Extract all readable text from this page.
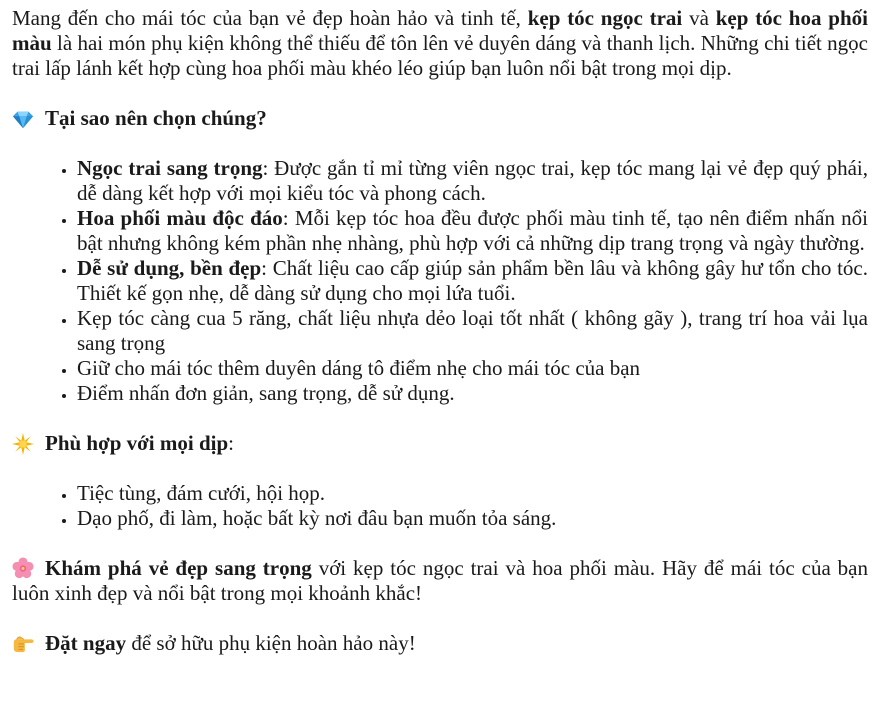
Mang đến cho mái tóc của bạn vẻ đẹp hoàn hảo và tinh tế, kẹp tóc ngọc trai và kẹp tóc hoa phối màu là hai món phụ kiện không thể thiếu để tôn lên vẻ duyên dáng và thanh lịch. Những chi tiết ngọc trai lấp lánh kết hợp cùng hoa phối màu khéo léo giúp bạn luôn nổi bật trong mọi dịp.

Tại sao nên chọn chúng?

• Ngọc trai sang trọng: Được gắn tỉ mỉ từng viên ngọc trai, kẹp tóc mang lại vẻ đẹp quý phái, dễ dàng kết hợp với mọi kiểu tóc và phong cách.
• Hoa phối màu độc đáo: Mỗi kẹp tóc hoa đều được phối màu tinh tế, tạo nên điểm nhấn nổi bật nhưng không kém phần nhẹ nhàng, phù hợp với cả những dịp trang trọng và ngày thường.
• Dễ sử dụng, bền đẹp: Chất liệu cao cấp giúp sản phẩm bền lâu và không gây hư tổn cho tóc. Thiết kế gọn nhẹ, dễ dàng sử dụng cho mọi lứa tuổi.
• Kẹp tóc càng cua 5 răng, chất liệu nhựa dẻo loại tốt nhất ( không gãy ), trang trí hoa vải lụa sang trọng
• Giữ cho mái tóc thêm duyên dáng tô điểm nhẹ cho mái tóc của bạn
• Điểm nhấn đơn giản, sang trọng, dễ sử dụng.

Phù hợp với mọi dịp:

• Tiệc tùng, đám cưới, hội họp.
• Dạo phố, đi làm, hoặc bất kỳ nơi đâu bạn muốn tỏa sáng.

Khám phá vẻ đẹp sang trọng với kẹp tóc ngọc trai và hoa phối màu. Hãy để mái tóc của bạn luôn xinh đẹp và nổi bật trong mọi khoảnh khắc!

Đặt ngay để sở hữu phụ kiện hoàn hảo này!
